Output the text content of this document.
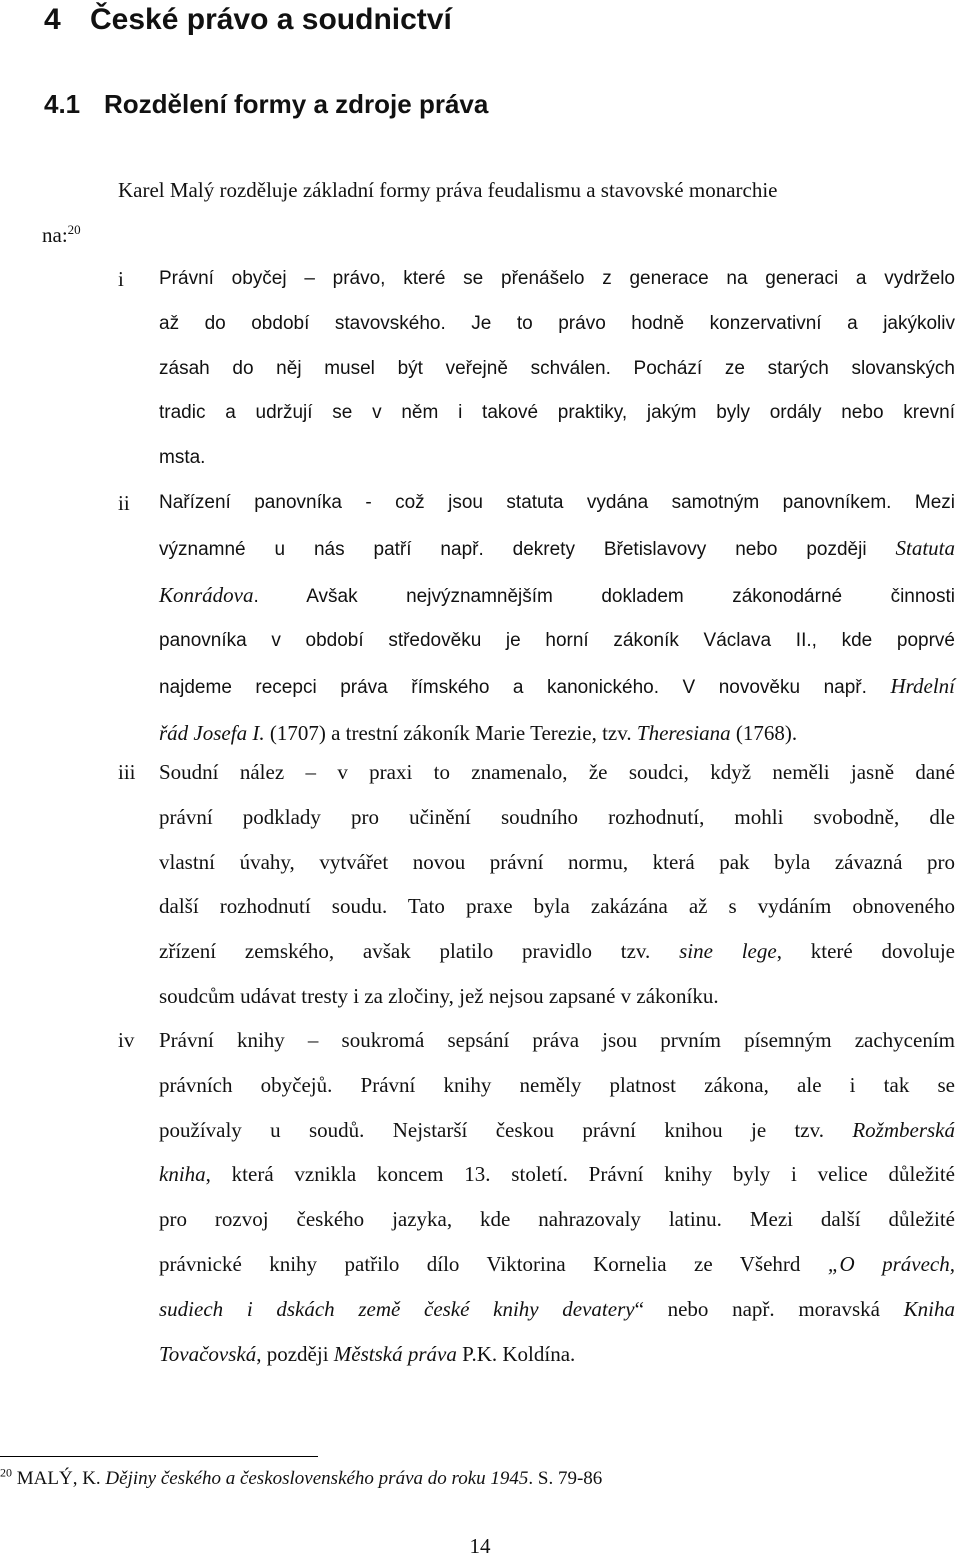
4 České právo a soudnictví
4.1 Rozdělení formy a zdroje práva
Karel Malý rozděluje základní formy práva feudalismu a stavovské monarchie
na:$^{20}$
i	Právní obyčej – právo, které se přenášelo z generace na generaci a vydrželo
až do období stavovského. Je to právo hodně konzervativní a jakýkoliv
zásah do něj musel být veřejně schválen. Pochází ze starých slovanských
tradic a udržují se v něm i takové praktiky, jakým byly ordály nebo krevní
msta.
ii	Nařízení panovníka - což jsou statuta vydána samotným panovníkem. Mezi
významné u nás patří např. dekrety Břetislavovy nebo později Statuta
Konrádova. Avšak nejvýznamnějším dokladem zákonodárné činnosti
panovníka v období středověku je horní zákoník Václava II., kde poprvé
najdeme recepci práva římského a kanonického. V novověku např. Hrdelní
řád Josefa I. (1707) a trestní zákoník Marie Terezie, tzv. Theresiana (1768).
iii	Soudní nález – v praxi to znamenalo, že soudci, když neměli jasně dané
právní podklady pro učinění soudního rozhodnutí, mohli svobodně, dle
vlastní úvahy, vytvářet novou právní normu, která pak byla závazná pro
další rozhodnutí soudu. Tato praxe byla zakázána až s vydáním obnoveného
zřízení zemského, avšak platilo pravidlo tzv. sine lege, které dovoluje
soudcům udávat tresty i za zločiny, jež nejsou zapsané v zákoníku.
iv	Právní knihy – soukromá sepsání práva jsou prvním písemným zachycením
právních obyčejů. Právní knihy neměly platnost zákona, ale i tak se
používaly u soudů. Nejstarší českou právní knihou je tzv. Rožmberská
kniha, která vznikla koncem 13. století. Právní knihy byly i velice důležité
pro rozvoj českého jazyka, kde nahrazovaly latinu. Mezi další důležité
právnické knihy patřilo dílo Viktorina Kornelia ze Všehrd „O právech,
sudiech i dskách země české knihy devatery“ nebo např. moravská Kniha
Tovačovská, později Městská práva P.K. Koldína.
$^{20}$ MALÝ, K. Dějiny českého a československého práva do roku 1945. S. 79-86
14
